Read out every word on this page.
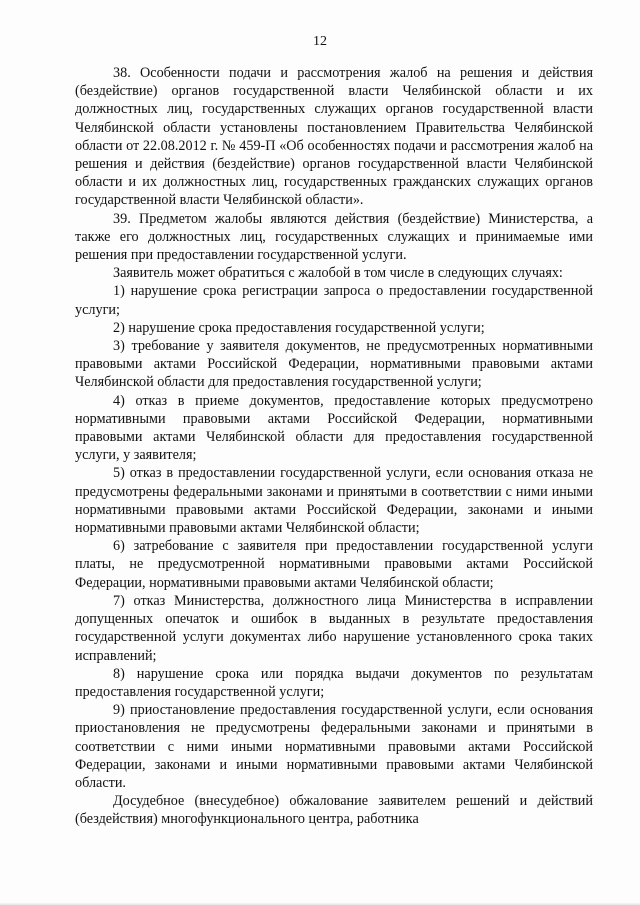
12

38. Особенности подачи и рассмотрения жалоб на решения и действия (бездействие) органов государственной власти Челябинской области и их должностных лиц, государственных служащих органов государственной власти Челябинской области установлены постановлением Правительства Челябинской области от 22.08.2012 г. № 459-П «Об особенностях подачи и рассмотрения жалоб на решения и действия (бездействие) органов государственной власти Челябинской области и их должностных лиц, государственных гражданских служащих органов государственной власти Челябинской области».

39. Предметом жалобы являются действия (бездействие) Министерства, а также его должностных лиц, государственных служащих и принимаемые ими решения при предоставлении государственной услуги.

Заявитель может обратиться с жалобой в том числе в следующих случаях:

1) нарушение срока регистрации запроса о предоставлении государственной услуги;

2) нарушение срока предоставления государственной услуги;

3) требование у заявителя документов, не предусмотренных нормативными правовыми актами Российской Федерации, нормативными правовыми актами Челябинской области для предоставления государственной услуги;

4) отказ в приеме документов, предоставление которых предусмотрено нормативными правовыми актами Российской Федерации, нормативными правовыми актами Челябинской области для предоставления государственной услуги, у заявителя;

5) отказ в предоставлении государственной услуги, если основания отказа не предусмотрены федеральными законами и принятыми в соответствии с ними иными нормативными правовыми актами Российской Федерации, законами и иными нормативными правовыми актами Челябинской области;

6) затребование с заявителя при предоставлении государственной услуги платы, не предусмотренной нормативными правовыми актами Российской Федерации, нормативными правовыми актами Челябинской области;

7) отказ Министерства, должностного лица Министерства в исправлении допущенных опечаток и ошибок в выданных в результате предоставления государственной услуги документах либо нарушение установленного срока таких исправлений;

8) нарушение срока или порядка выдачи документов по результатам предоставления государственной услуги;

9) приостановление предоставления государственной услуги, если основания приостановления не предусмотрены федеральными законами и принятыми в соответствии с ними иными нормативными правовыми актами Российской Федерации, законами и иными нормативными правовыми актами Челябинской области.

Досудебное (внесудебное) обжалование заявителем решений и действий (бездействия) многофункционального центра, работника
